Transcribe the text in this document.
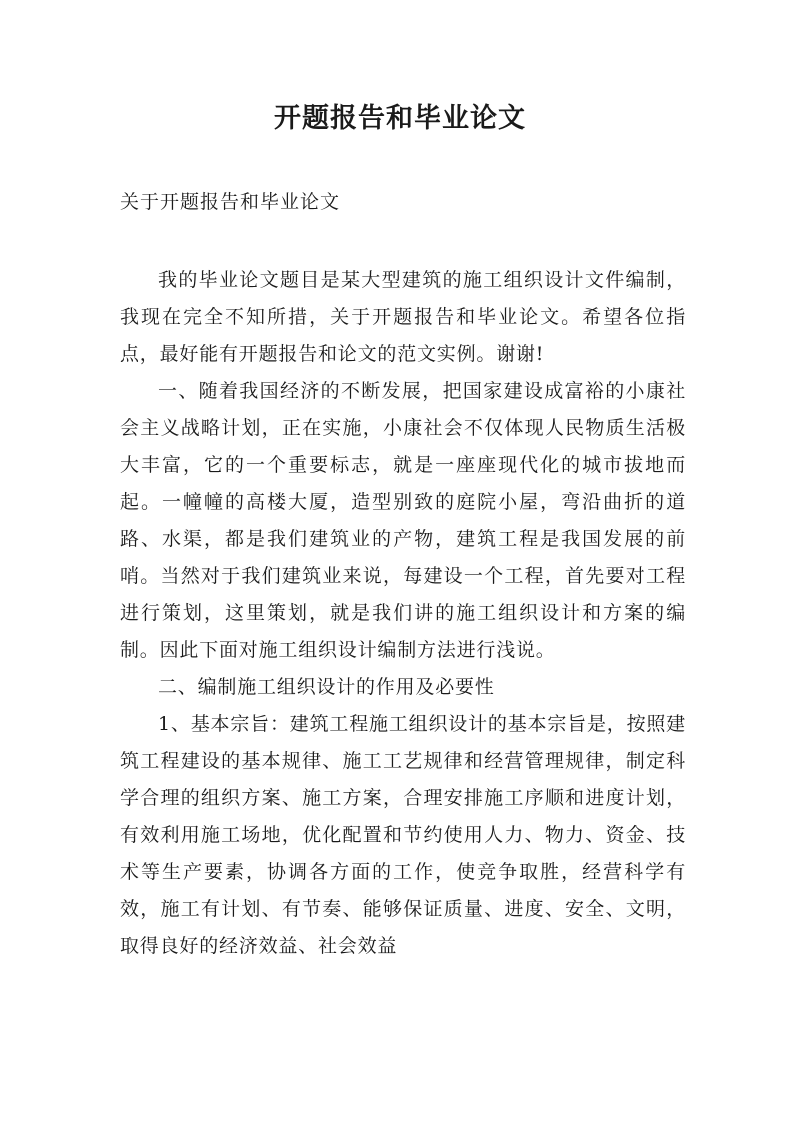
开题报告和毕业论文
关于开题报告和毕业论文

我的毕业论文题目是某大型建筑的施工组织设计文件编制，我现在完全不知所措，关于开题报告和毕业论文。希望各位指点，最好能有开题报告和论文的范文实例。谢谢!

一、随着我国经济的不断发展，把国家建设成富裕的小康社会主义战略计划，正在实施，小康社会不仅体现人民物质生活极大丰富，它的一个重要标志，就是一座座现代化的城市拔地而起。一幢幢的高楼大厦，造型别致的庭院小屋，弯沿曲折的道路、水渠，都是我们建筑业的产物，建筑工程是我国发展的前哨。当然对于我们建筑业来说，每建设一个工程，首先要对工程进行策划，这里策划，就是我们讲的施工组织设计和方案的编制。因此下面对施工组织设计编制方法进行浅说。

二、编制施工组织设计的作用及必要性

1、基本宗旨：建筑工程施工组织设计的基本宗旨是，按照建筑工程建设的基本规律、施工工艺规律和经营管理规律，制定科学合理的组织方案、施工方案，合理安排施工序顺和进度计划，有效利用施工场地，优化配置和节约使用人力、物力、资金、技术等生产要素，协调各方面的工作，使竞争取胜，经营科学有效，施工有计划、有节奏、能够保证质量、进度、安全、文明，取得良好的经济效益、社会效益
